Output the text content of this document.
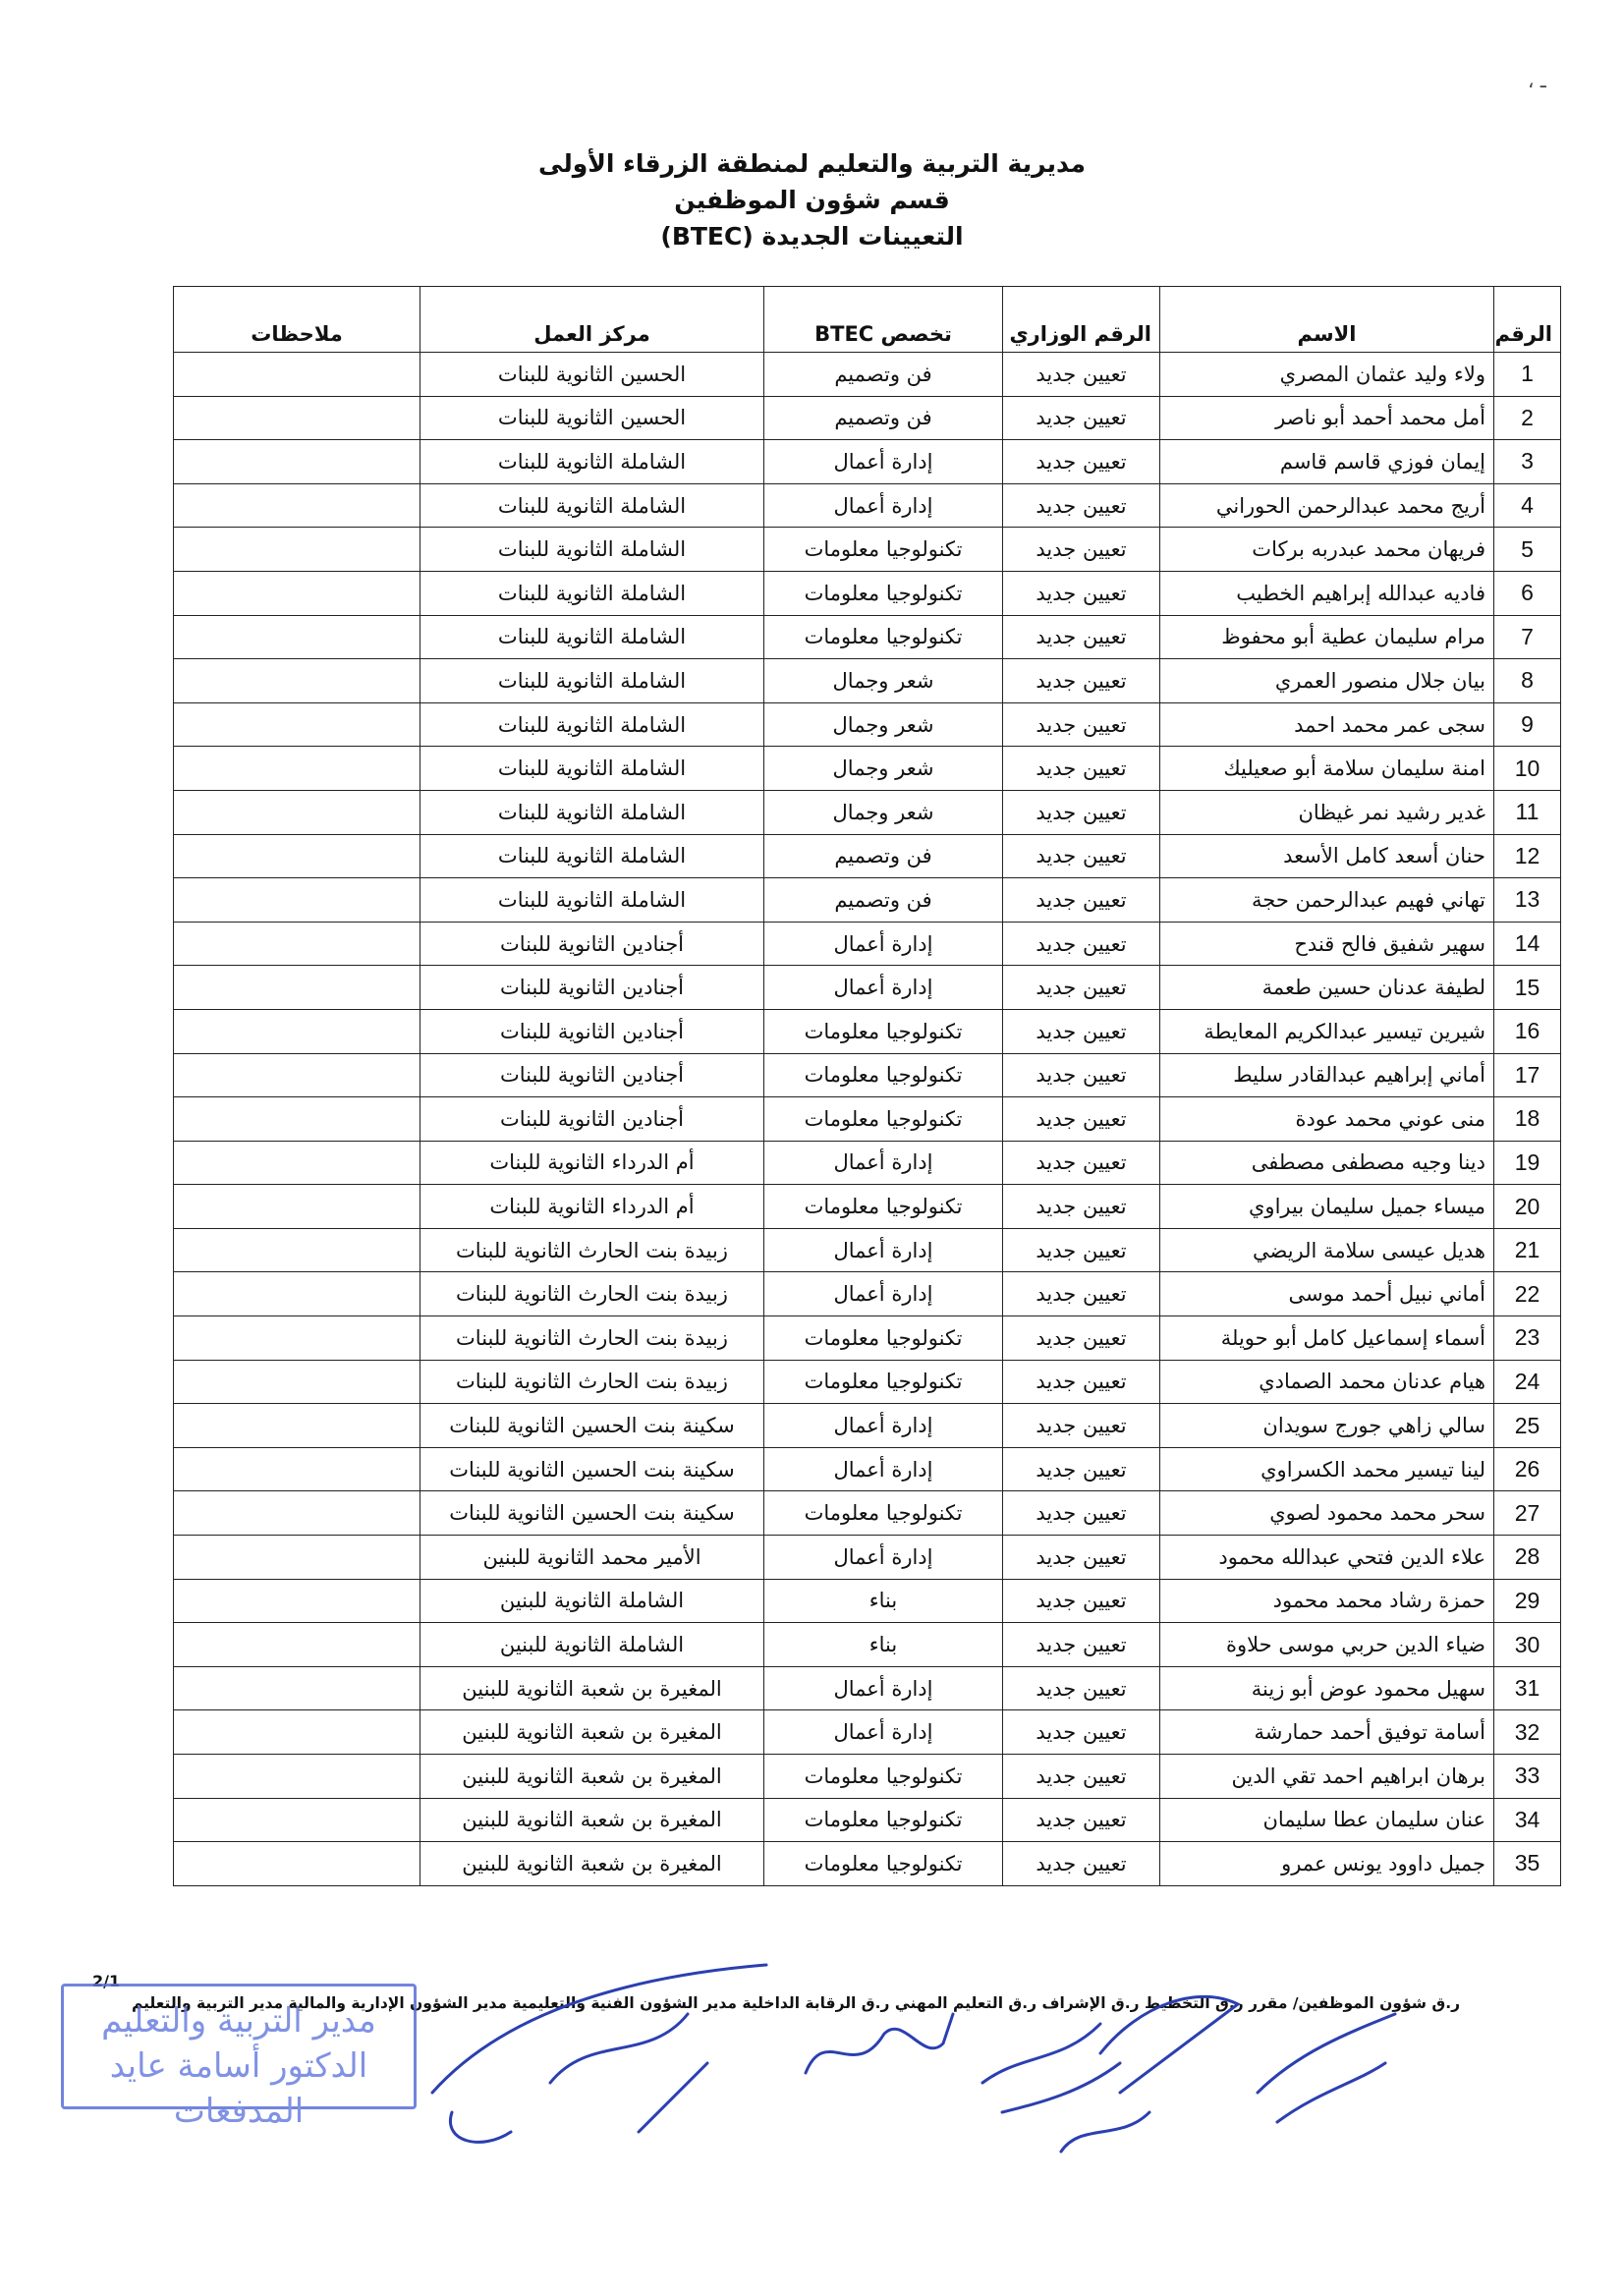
مديرية التربية والتعليم لمنطقة الزرقاء الأولى
قسم شؤون الموظفين
التعيينات الجديدة (BTEC)
ـ ،
الرقم	الاسم	الرقم الوزاري	تخصص BTEC	مركز العمل	ملاحظات
1	ولاء وليد عثمان المصري	تعيين جديد	فن وتصميم	الحسين الثانوية للبنات	
2	أمل محمد أحمد أبو ناصر	تعيين جديد	فن وتصميم	الحسين الثانوية للبنات	
3	إيمان فوزي قاسم قاسم	تعيين جديد	إدارة أعمال	الشاملة الثانوية للبنات	
4	أريج محمد عبدالرحمن الحوراني	تعيين جديد	إدارة أعمال	الشاملة الثانوية للبنات	
5	فريهان محمد عبدربه بركات	تعيين جديد	تكنولوجيا معلومات	الشاملة الثانوية للبنات	
6	فاديه عبدالله إبراهيم الخطيب	تعيين جديد	تكنولوجيا معلومات	الشاملة الثانوية للبنات	
7	مرام سليمان عطية أبو محفوظ	تعيين جديد	تكنولوجيا معلومات	الشاملة الثانوية للبنات	
8	بيان جلال منصور العمري	تعيين جديد	شعر وجمال	الشاملة الثانوية للبنات	
9	سجى عمر محمد احمد	تعيين جديد	شعر وجمال	الشاملة الثانوية للبنات	
10	امنة سليمان سلامة أبو صعيليك	تعيين جديد	شعر وجمال	الشاملة الثانوية للبنات	
11	غدير رشيد نمر غيظان	تعيين جديد	شعر وجمال	الشاملة الثانوية للبنات	
12	حنان أسعد كامل الأسعد	تعيين جديد	فن وتصميم	الشاملة الثانوية للبنات	
13	تهاني فهيم عبدالرحمن حجة	تعيين جديد	فن وتصميم	الشاملة الثانوية للبنات	
14	سهير شفيق فالح قندح	تعيين جديد	إدارة أعمال	أجنادين الثانوية للبنات	
15	لطيفة عدنان حسين طعمة	تعيين جديد	إدارة أعمال	أجنادين الثانوية للبنات	
16	شيرين تيسير عبدالكريم المعايطة	تعيين جديد	تكنولوجيا معلومات	أجنادين الثانوية للبنات	
17	أماني إبراهيم عبدالقادر سليط	تعيين جديد	تكنولوجيا معلومات	أجنادين الثانوية للبنات	
18	منى عوني محمد عودة	تعيين جديد	تكنولوجيا معلومات	أجنادين الثانوية للبنات	
19	دينا وجيه مصطفى مصطفى	تعيين جديد	إدارة أعمال	أم الدرداء الثانوية للبنات	
20	ميساء جميل سليمان بيراوي	تعيين جديد	تكنولوجيا معلومات	أم الدرداء الثانوية للبنات	
21	هديل عيسى سلامة الريضي	تعيين جديد	إدارة أعمال	زبيدة بنت الحارث الثانوية للبنات	
22	أماني نبيل أحمد موسى	تعيين جديد	إدارة أعمال	زبيدة بنت الحارث الثانوية للبنات	
23	أسماء إسماعيل كامل أبو حويلة	تعيين جديد	تكنولوجيا معلومات	زبيدة بنت الحارث الثانوية للبنات	
24	هيام عدنان محمد الصمادي	تعيين جديد	تكنولوجيا معلومات	زبيدة بنت الحارث الثانوية للبنات	
25	سالي زاهي جورج سويدان	تعيين جديد	إدارة أعمال	سكينة بنت الحسين الثانوية للبنات	
26	لينا تيسير محمد الكسراوي	تعيين جديد	إدارة أعمال	سكينة بنت الحسين الثانوية للبنات	
27	سحر محمد محمود لصوي	تعيين جديد	تكنولوجيا معلومات	سكينة بنت الحسين الثانوية للبنات	
28	علاء الدين فتحي عبدالله محمود	تعيين جديد	إدارة أعمال	الأمير محمد الثانوية للبنين	
29	حمزة رشاد محمد محمود	تعيين جديد	بناء	الشاملة الثانوية للبنين	
30	ضياء الدين حربي موسى حلاوة	تعيين جديد	بناء	الشاملة الثانوية للبنين	
31	سهيل محمود عوض أبو زينة	تعيين جديد	إدارة أعمال	المغيرة بن شعبة الثانوية للبنين	
32	أسامة توفيق أحمد حمارشة	تعيين جديد	إدارة أعمال	المغيرة بن شعبة الثانوية للبنين	
33	برهان ابراهيم احمد تقي الدين	تعيين جديد	تكنولوجيا معلومات	المغيرة بن شعبة الثانوية للبنين	
34	عنان سليمان عطا سليمان	تعيين جديد	تكنولوجيا معلومات	المغيرة بن شعبة الثانوية للبنين	
35	جميل داوود يونس عمرو	تعيين جديد	تكنولوجيا معلومات	المغيرة بن شعبة الثانوية للبنين	
2/1
ر.ق شؤون الموظفين/ مقرر ر.ق التخطيط ر.ق الإشراف ر.ق التعليم المهني ر.ق الرقابة الداخلية مدير الشؤون الفنية والتعليمية مدير الشؤون الإدارية والمالية مدير التربية والتعليم
مدير التربية والتعليم
الدكتور أسامة عايد المدفعات
